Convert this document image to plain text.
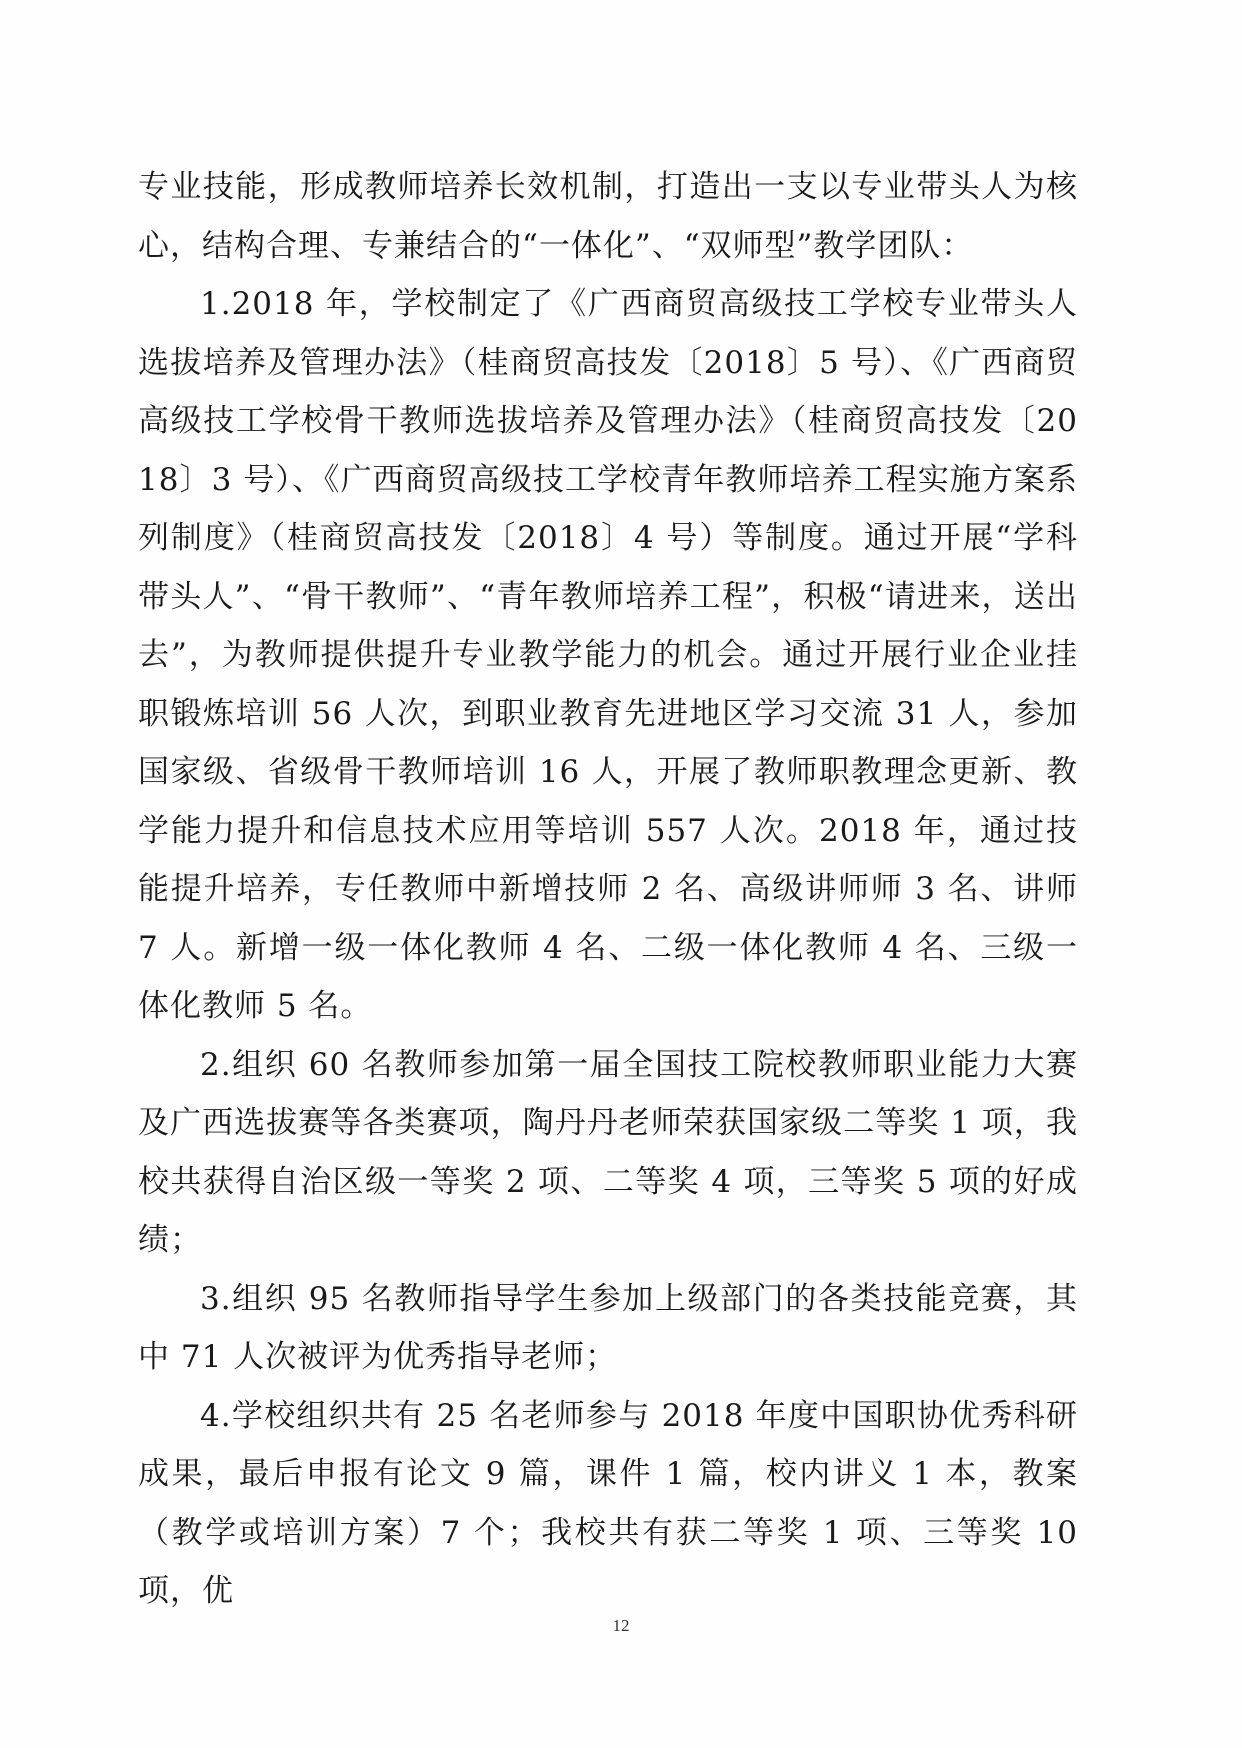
专业技能，形成教师培养长效机制，打造出一支以专业带头人为核心，结构合理、专兼结合的“一体化”、“双师型”教学团队：

1.2018 年，学校制定了《广西商贸高级技工学校专业带头人选拔培养及管理办法》（桂商贸高技发〔2018〕5 号）、《广西商贸高级技工学校骨干教师选拔培养及管理办法》（桂商贸高技发〔2018〕3 号）、《广西商贸高级技工学校青年教师培养工程实施方案系列制度》（桂商贸高技发〔2018〕4 号）等制度。通过开展“学科带头人”、“骨干教师”、“青年教师培养工程”，积极“请进来，送出去”，为教师提供提升专业教学能力的机会。通过开展行业企业挂职锻炼培训 56 人次，到职业教育先进地区学习交流 31 人，参加国家级、省级骨干教师培训 16 人，开展了教师职教理念更新、教学能力提升和信息技术应用等培训 557 人次。2018 年，通过技能提升培养，专任教师中新增技师 2 名、高级讲师师 3 名、讲师 7 人。新增一级一体化教师 4 名、二级一体化教师 4 名、三级一体化教师 5 名。

2.组织 60 名教师参加第一届全国技工院校教师职业能力大赛及广西选拔赛等各类赛项，陶丹丹老师荣获国家级二等奖 1 项，我校共获得自治区级一等奖 2 项、二等奖 4 项，三等奖 5 项的好成绩；

3.组织 95 名教师指导学生参加上级部门的各类技能竞赛，其中 71 人次被评为优秀指导老师；

4.学校组织共有 25 名老师参与 2018 年度中国职协优秀科研成果，最后申报有论文 9 篇，课件 1 篇，校内讲义 1 本，教案（教学或培训方案）7 个；我校共有获二等奖 1 项、三等奖 10 项，优

12
